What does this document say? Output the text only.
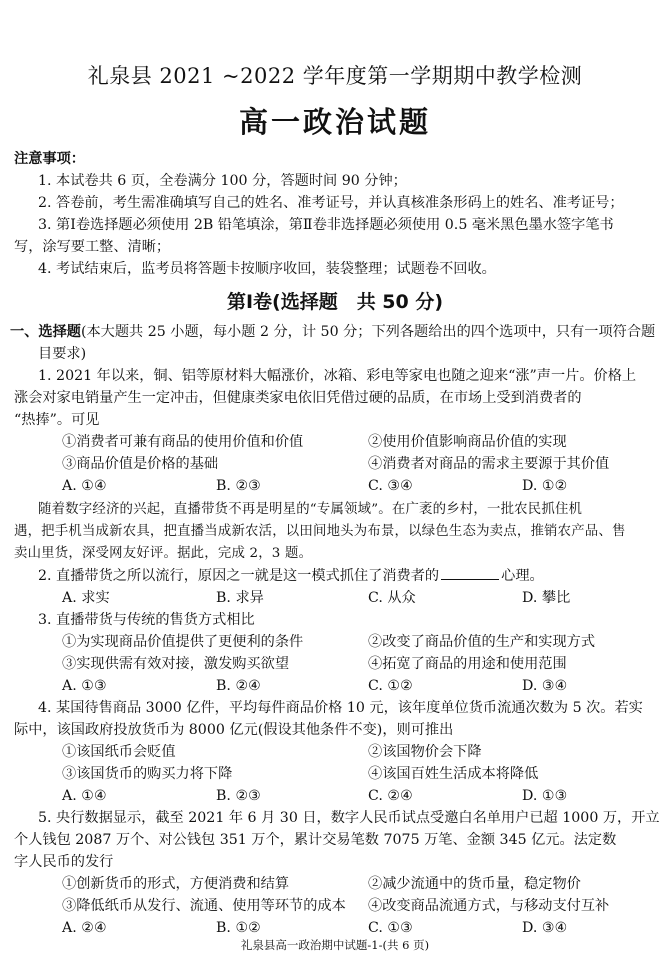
礼泉县 2021 ~2022 学年度第一学期期中教学检测
高一政治试题
注意事项：
1. 本试卷共 6 页，全卷满分 100 分，答题时间 90 分钟；
2. 答卷前，考生需准确填写自己的姓名、准考证号，并认真核准条形码上的姓名、准考证号；
3. 第Ⅰ卷选择题必须使用 2B 铅笔填涂，第Ⅱ卷非选择题必须使用 0.5 毫米黑色墨水签字笔书
写，涂写要工整、清晰；
4. 考试结束后，监考员将答题卡按顺序收回，装袋整理；试题卷不回收。
第Ⅰ卷(选择题　共 50 分)
一、选择题(本大题共 25 小题，每小题 2 分，计 50 分；下列各题给出的四个选项中，只有一项符合题
目要求)
1. 2021 年以来，铜、铝等原材料大幅涨价，冰箱、彩电等家电也随之迎来“涨”声一片。价格上
涨会对家电销量产生一定冲击，但健康类家电依旧凭借过硬的品质，在市场上受到消费者的
“热捧”。可见
①消费者可兼有商品的使用价值和价值	②使用价值影响商品价值的实现
③商品价值是价格的基础	④消费者对商品的需求主要源于其价值
A. ①④	B. ②③	C. ③④	D. ①②
随着数字经济的兴起，直播带货不再是明星的“专属领域”。在广袤的乡村，一批农民抓住机
遇，把手机当成新农具，把直播当成新农活，以田间地头为布景，以绿色生态为卖点，推销农产品、售
卖山里货，深受网友好评。据此，完成 2，3 题。
2. 直播带货之所以流行，原因之一就是这一模式抓住了消费者的	心理。
A. 求实	B. 求异	C. 从众	D. 攀比
3. 直播带货与传统的售货方式相比
①为实现商品价值提供了更便利的条件	②改变了商品价值的生产和实现方式
③实现供需有效对接，激发购买欲望	④拓宽了商品的用途和使用范围
A. ①③	B. ②④	C. ①②	D. ③④
4. 某国待售商品 3000 亿件，平均每件商品价格 10 元，该年度单位货币流通次数为 5 次。若实
际中，该国政府投放货币为 8000 亿元(假设其他条件不变)，则可推出
①该国纸币会贬值	②该国物价会下降
③该国货币的购买力将下降	④该国百姓生活成本将降低
A. ①④	B. ②③	C. ②④	D. ①③
5. 央行数据显示，截至 2021 年 6 月 30 日，数字人民币试点受邀白名单用户已超 1000 万，开立
个人钱包 2087 万个、对公钱包 351 万个，累计交易笔数 7075 万笔、金额 345 亿元。法定数
字人民币的发行
①创新货币的形式，方便消费和结算	②减少流通中的货币量，稳定物价
③降低纸币从发行、流通、使用等环节的成本 ④改变商品流通方式，与移动支付互补
A. ②④	B. ①②	C. ①③	D. ③④
礼泉县高一政治期中试题-1-(共 6 页)
